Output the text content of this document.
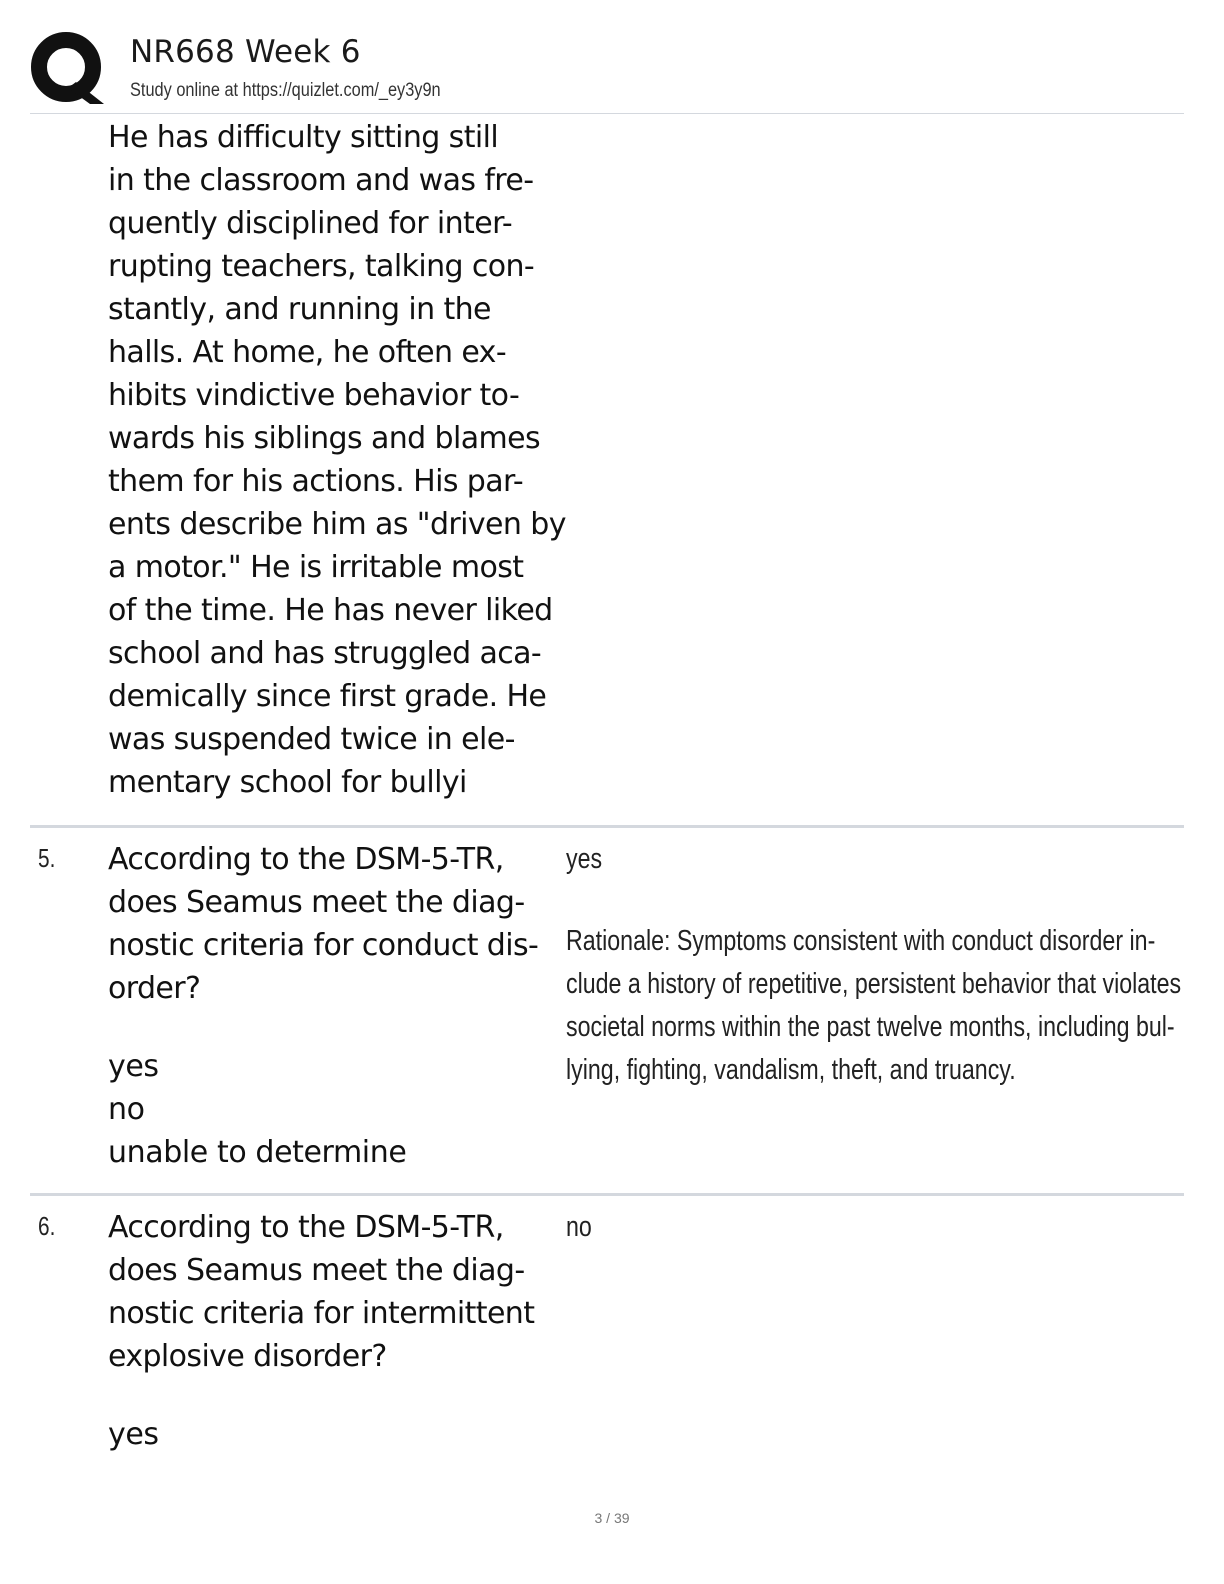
NR668 Week 6
Study online at https://quizlet.com/_ey3y9n
He has difficulty sitting still
in the classroom and was fre-
quently disciplined for inter-
rupting teachers, talking con-
stantly, and running in the
halls. At home, he often ex-
hibits vindictive behavior to-
wards his siblings and blames
them for his actions. His par-
ents describe him as "driven by
a motor." He is irritable most
of the time. He has never liked
school and has struggled aca-
demically since first grade. He
was suspended twice in ele-
mentary school for bullyi
5. According to the DSM-5-TR,
does Seamus meet the diag-
nostic criteria for conduct dis-
order?
yes
no
unable to determine
yes
Rationale: Symptoms consistent with conduct disorder in-
clude a history of repetitive, persistent behavior that violates
societal norms within the past twelve months, including bul-
lying, fighting, vandalism, theft, and truancy.
6. According to the DSM-5-TR,
does Seamus meet the diag-
nostic criteria for intermittent
explosive disorder?
yes
no
3 / 39
